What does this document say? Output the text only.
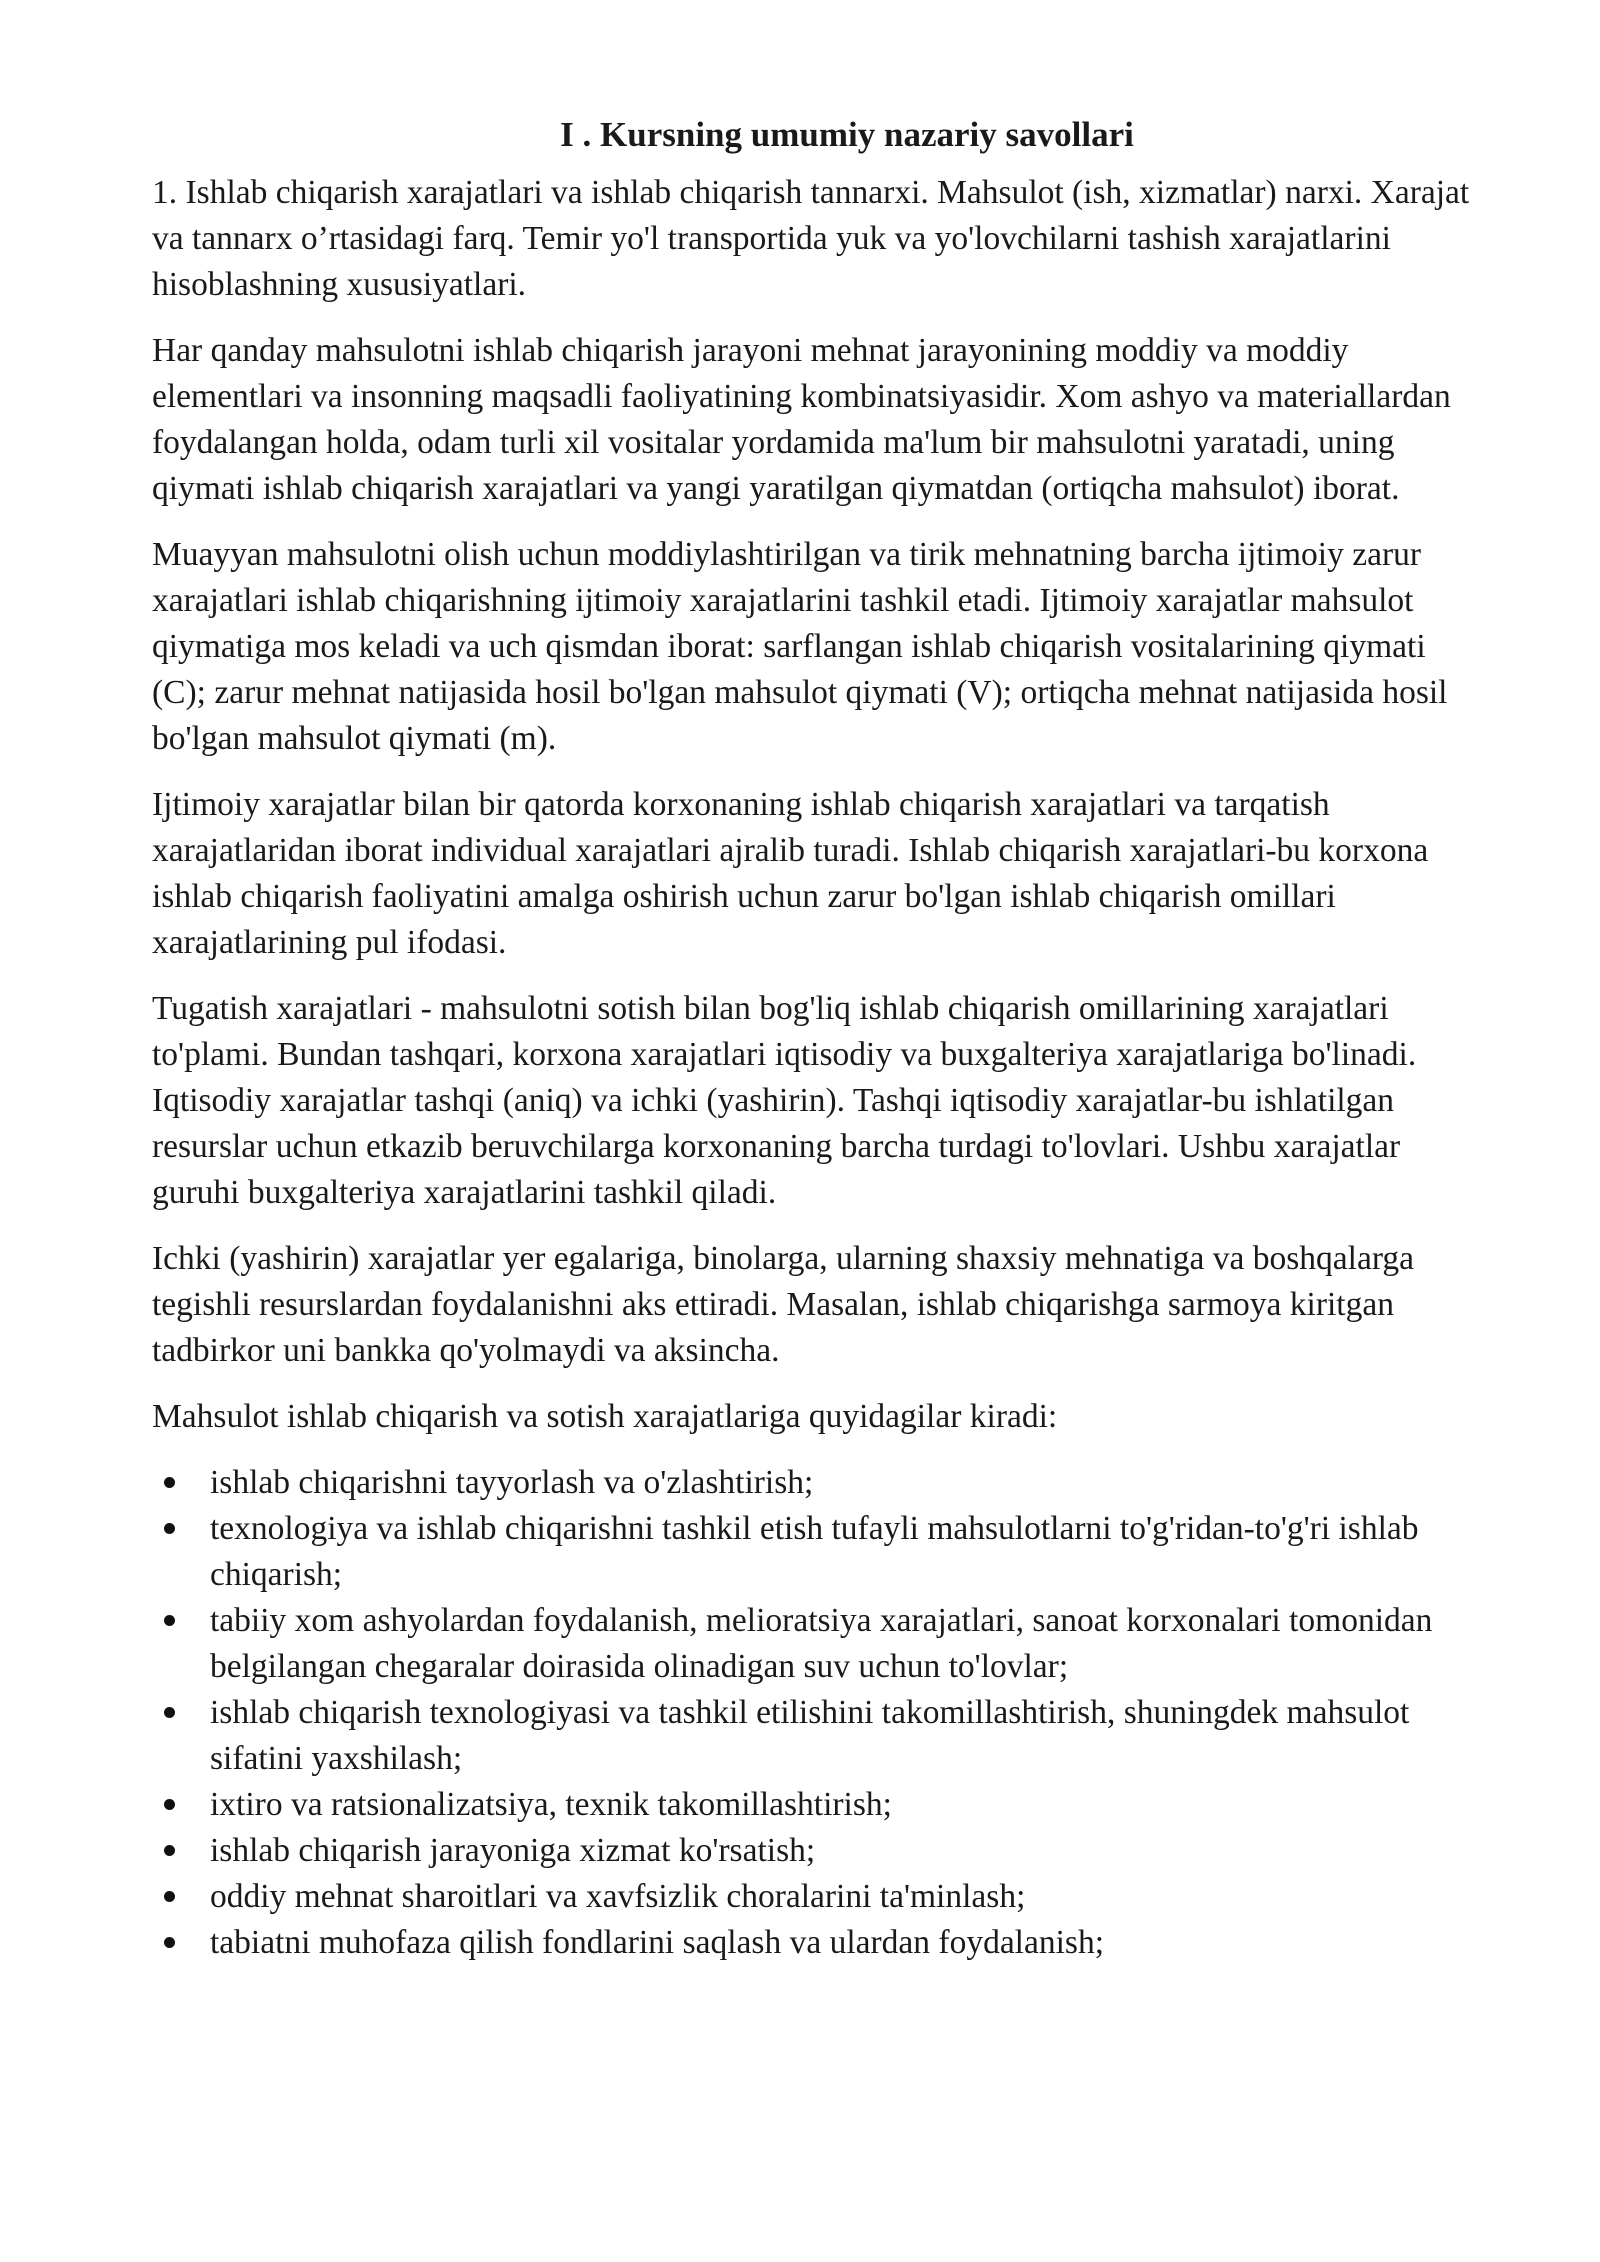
I . Kursning umumiy nazariy savollari

1. Ishlab chiqarish xarajatlari va ishlab chiqarish tannarxi. Mahsulot (ish, xizmatlar) narxi. Xarajat va tannarx o’rtasidagi farq. Temir yo'l transportida yuk va yo'lovchilarni tashish xarajatlarini hisoblashning xususiyatlari.

Har qanday mahsulotni ishlab chiqarish jarayoni mehnat jarayonining moddiy va moddiy elementlari va insonning maqsadli faoliyatining kombinatsiyasidir. Xom ashyo va materiallardan foydalangan holda, odam turli xil vositalar yordamida ma'lum bir mahsulotni yaratadi, uning qiymati ishlab chiqarish xarajatlari va yangi yaratilgan qiymatdan (ortiqcha mahsulot) iborat.

Muayyan mahsulotni olish uchun moddiylashtirilgan va tirik mehnatning barcha ijtimoiy zarur xarajatlari ishlab chiqarishning ijtimoiy xarajatlarini tashkil etadi. Ijtimoiy xarajatlar mahsulot qiymatiga mos keladi va uch qismdan iborat: sarflangan ishlab chiqarish vositalarining qiymati (C); zarur mehnat natijasida hosil bo'lgan mahsulot qiymati (V); ortiqcha mehnat natijasida hosil bo'lgan mahsulot qiymati (m).

Ijtimoiy xarajatlar bilan bir qatorda korxonaning ishlab chiqarish xarajatlari va tarqatish xarajatlaridan iborat individual xarajatlari ajralib turadi. Ishlab chiqarish xarajatlari-bu korxona ishlab chiqarish faoliyatini amalga oshirish uchun zarur bo'lgan ishlab chiqarish omillari xarajatlarining pul ifodasi.

Tugatish xarajatlari - mahsulotni sotish bilan bog'liq ishlab chiqarish omillarining xarajatlari to'plami. Bundan tashqari, korxona xarajatlari iqtisodiy va buxgalteriya xarajatlariga bo'linadi. Iqtisodiy xarajatlar tashqi (aniq) va ichki (yashirin). Tashqi iqtisodiy xarajatlar-bu ishlatilgan resurslar uchun etkazib beruvchilarga korxonaning barcha turdagi to'lovlari. Ushbu xarajatlar guruhi buxgalteriya xarajatlarini tashkil qiladi.

Ichki (yashirin) xarajatlar yer egalariga, binolarga, ularning shaxsiy mehnatiga va boshqalarga tegishli resurslardan foydalanishni aks ettiradi. Masalan, ishlab chiqarishga sarmoya kiritgan tadbirkor uni bankka qo'yolmaydi va aksincha.

Mahsulot ishlab chiqarish va sotish xarajatlariga quyidagilar kiradi:

ishlab chiqarishni tayyorlash va o'zlashtirish;
texnologiya va ishlab chiqarishni tashkil etish tufayli mahsulotlarni to'g'ridan-to'g'ri ishlab chiqarish;
tabiiy xom ashyolardan foydalanish, melioratsiya xarajatlari, sanoat korxonalari tomonidan belgilangan chegaralar doirasida olinadigan suv uchun to'lovlar;
ishlab chiqarish texnologiyasi va tashkil etilishini takomillashtirish, shuningdek mahsulot sifatini yaxshilash;
ixtiro va ratsionalizatsiya, texnik takomillashtirish;
ishlab chiqarish jarayoniga xizmat ko'rsatish;
oddiy mehnat sharoitlari va xavfsizlik choralarini ta'minlash;
tabiatni muhofaza qilish fondlarini saqlash va ulardan foydalanish;
